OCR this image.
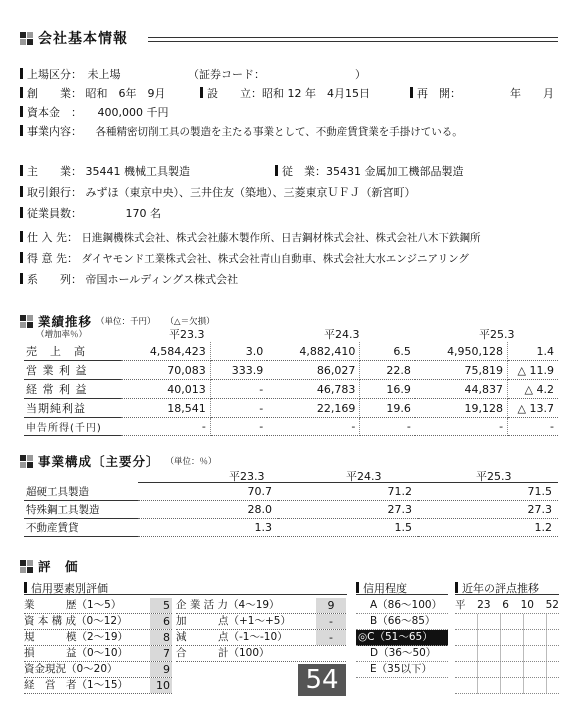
会社基本情報
上場区分： 未上場	（証券コード：	）
創　　業： 昭和　6年　9月	設　　立：昭和 12 年　4月15日	再　開：	年　　月
資本金　： 400,000 千円
事業内容： 各種精密切削工具の製造を主たる事業として、不動産賃貸業を手掛けている。
主　　業： 35441 機械工具製造	従　業：35431 金属加工機部品製造
取引銀行： みずほ（東京中央）、三井住友（築地）、三菱東京ＵＦＪ（新宮町）
従業員数：	170 名
仕 入 先： 日進鋼機株式会社、株式会社藤木製作所、日吉鋼材株式会社、株式会社八木下鉄鋼所
得 意 先： ダイヤモンド工業株式会社、株式会社青山自動車、株式会社大水エンジニアリング
系　　列： 帝国ホールディングス株式会社
業績推移 （単位：千円） （△＝欠損）
（増加率％）	平23.3	平24.3	平25.3
売　上　高	4,584,423	3.0	4,882,410	6.5	4,950,128	1.4
営 業 利 益	70,083	333.9	86,027	22.8	75,819	△ 11.9
経 常 利 益	40,013	-	46,783	16.9	44,837	△ 4.2
当期純利益	18,541	-	22,169	19.6	19,128	△ 13.7
申告所得(千円)	-	-	-	-	-	-
事業構成〔主要分〕 （単位：％）
平23.3	平24.3	平25.3
超硬工具製造	70.7	71.2	71.5
特殊鋼工具製造	28.0	27.3	27.3
不動産賃貸	1.3	1.5	1.2
評　価
信用要素別評価
業　　　歴（1～5）	5
資 本 構 成（0～12）	6
規　　　模（2～19）	8
損　　　益（0～10）	7
資金現況（0～20）	9
経　営　者（1～15）	10
企 業 活 力（4～19）	9
加　　　点（+1～+5）	-
減　　　点（-1～-10）	-
合　　　計（100）
54
信用程度
A（86～100）
B（66～85）
◎C（51～65）
D（36～50）
E（35以下）
近年の評点推移
平 23 6 10 52
